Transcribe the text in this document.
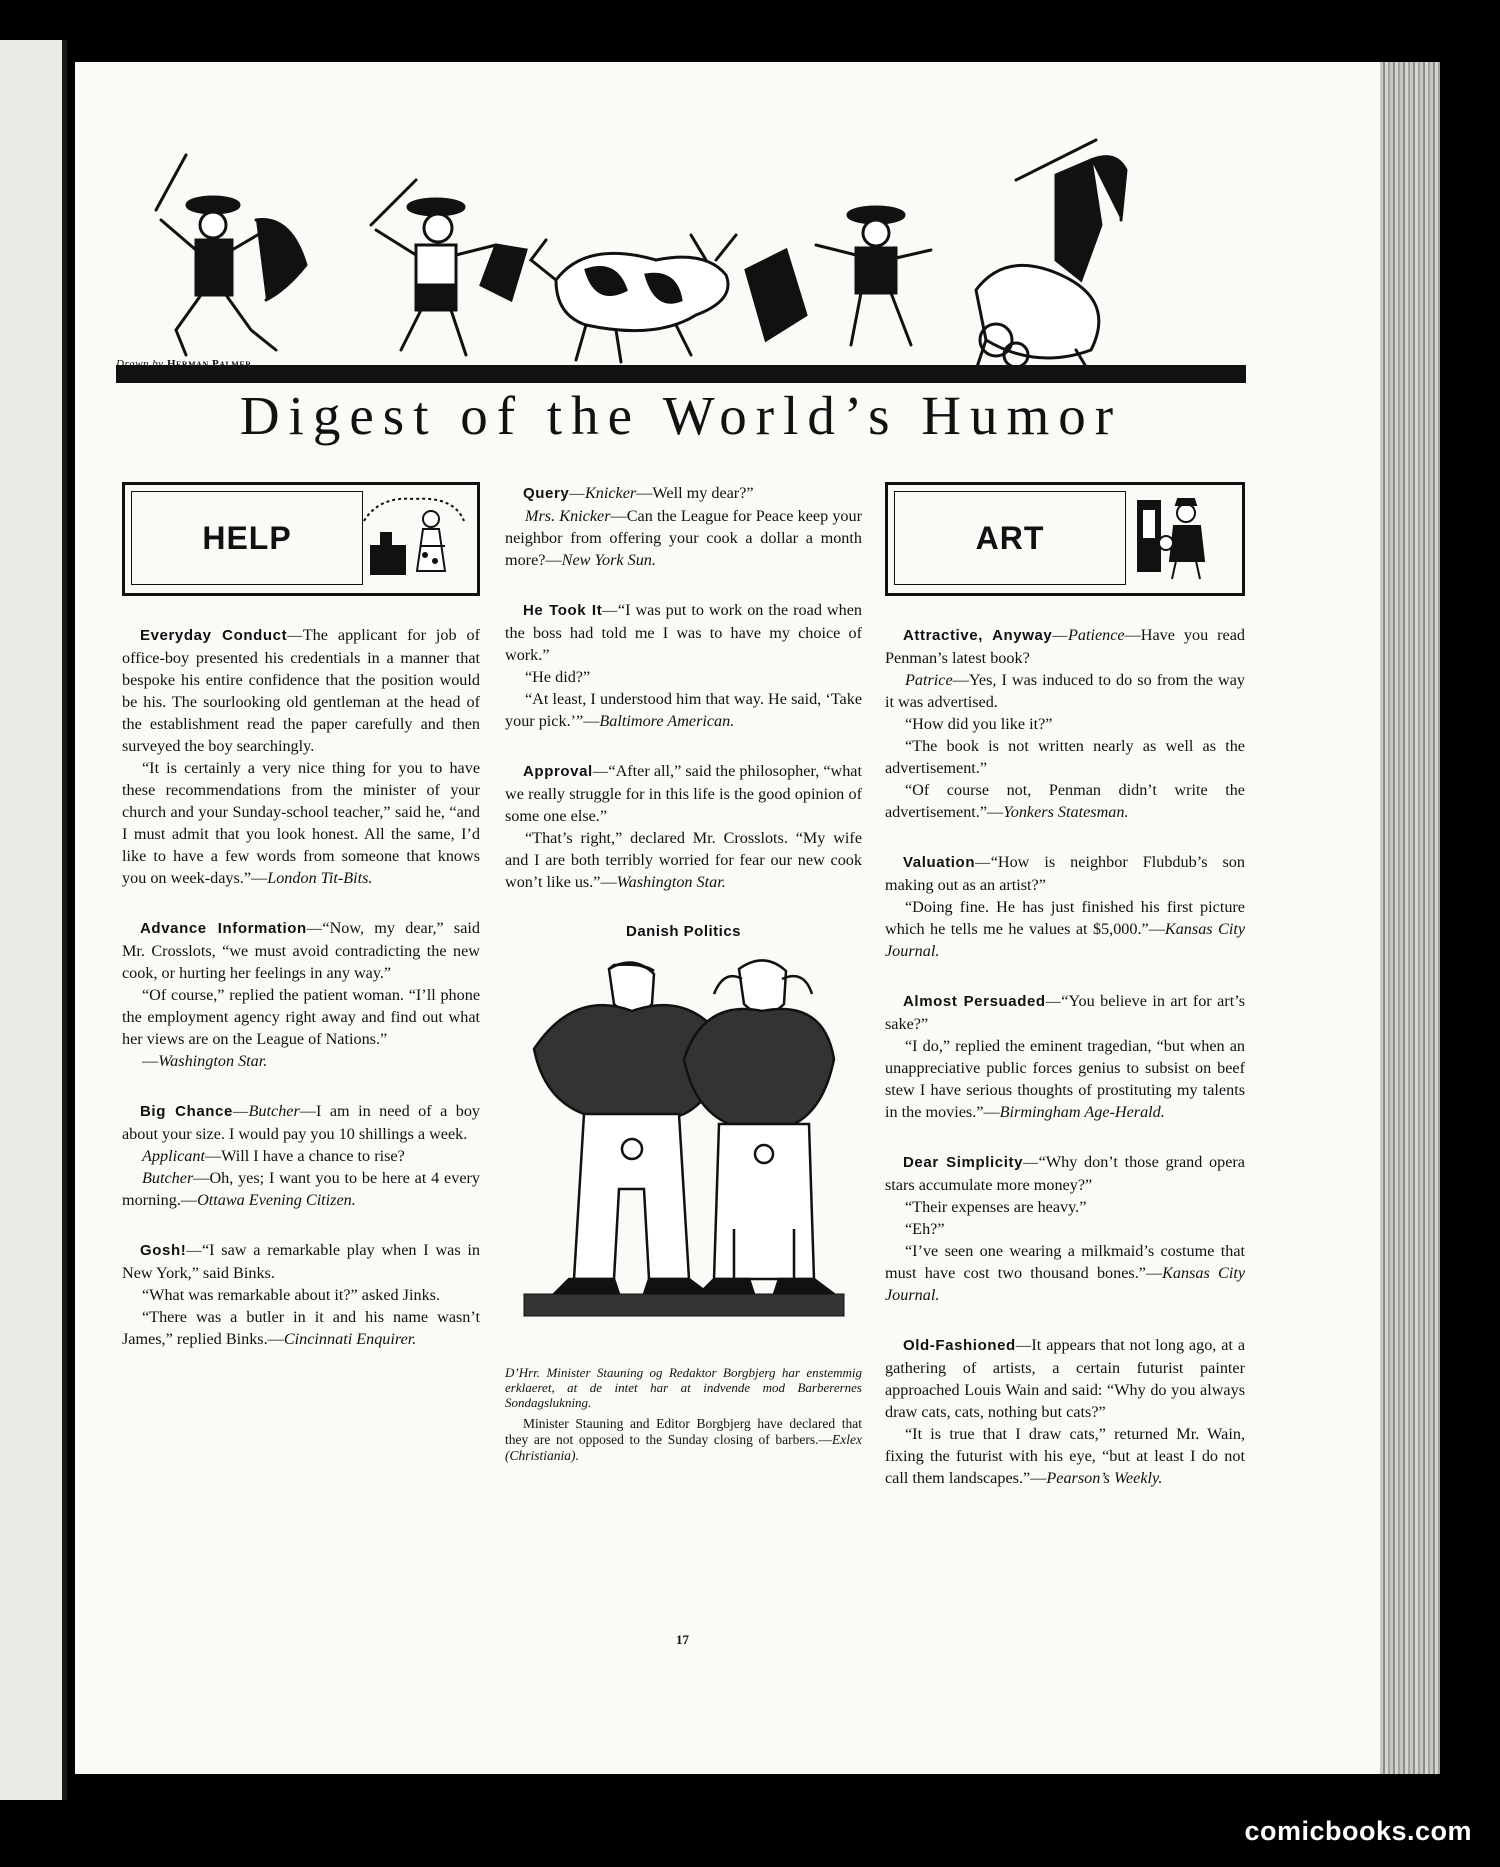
Drawn by Herman Palmer
Digest of the World’s Humor
HELP

Everyday Conduct — The applicant for job of office-boy presented his credentials in a manner that bespoke his entire confidence that the position would be his. The sourlooking old gentleman at the head of the establishment read the paper carefully and then surveyed the boy searchingly.

“It is certainly a very nice thing for you to have these recommendations from the minister of your church and your Sunday-school teacher,” said he, “and I must admit that you look honest. All the same, I’d like to have a few words from someone that knows you on week-days.” — London Tit-Bits.

Advance Information — “Now, my dear,” said Mr. Crosslots, “we must avoid contradicting the new cook, or hurting her feelings in any way.”

“Of course,” replied the patient woman. “I’ll phone the employment agency right away and find out what her views are on the League of Nations.”

— Washington Star.

Big Chance — Butcher—I am in need of a boy about your size. I would pay you 10 shillings a week.

Applicant—Will I have a chance to rise?

Butcher—Oh, yes; I want you to be here at 4 every morning. — Ottawa Evening Citizen.

Gosh! — “I saw a remarkable play when I was in New York,” said Binks.

“What was remarkable about it?” asked Jinks.

“There was a butler in it and his name wasn’t James,” replied Binks. — Cincinnati Enquirer.

Query — Knicker—Well my dear?”

Mrs. Knicker—Can the League for Peace keep your neighbor from offering your cook a dollar a month more? — New York Sun.

He Took It — “I was put to work on the road when the boss had told me I was to have my choice of work.”

“He did?”

“At least, I understood him that way. He said, ‘Take your pick.’” — Baltimore American.

Approval — “After all,” said the philosopher, “what we really struggle for in this life is the good opinion of some one else.”

“That’s right,” declared Mr. Crosslots. “My wife and I are both terribly worried for fear our new cook won’t like us.” — Washington Star.

Danish Politics

D’Hrr. Minister Stauning og Redaktor Borgbjerg har enstemmig erklaeret, at de intet har at indvende mod Barberernes Sondagslukning.

Minister Stauning and Editor Borgbjerg have declared that they are not opposed to the Sunday closing of barbers. — Exlex (Christiania).

ART

Attractive, Anyway — Patience—Have you read Penman’s latest book?

Patrice—Yes, I was induced to do so from the way it was advertised.

“How did you like it?”

“The book is not written nearly as well as the advertisement.”

“Of course not, Penman didn’t write the advertisement.” — Yonkers Statesman.

Valuation — “How is neighbor Flubdub’s son making out as an artist?”

“Doing fine. He has just finished his first picture which he tells me he values at $5,000.” — Kansas City Journal.

Almost Persuaded — “You believe in art for art’s sake?”

“I do,” replied the eminent tragedian, “but when an unappreciative public forces genius to subsist on beef stew I have serious thoughts of prostituting my talents in the movies.” — Birmingham Age-Herald.

Dear Simplicity — “Why don’t those grand opera stars accumulate more money?”

“Their expenses are heavy.”

“Eh?”

“I’ve seen one wearing a milkmaid’s costume that must have cost two thousand bones.” — Kansas City Journal.

Old-Fashioned — It appears that not long ago, at a gathering of artists, a certain futurist painter approached Louis Wain and said: “Why do you always draw cats, cats, nothing but cats?”

“It is true that I draw cats,” returned Mr. Wain, fixing the futurist with his eye, “but at least I do not call them landscapes.” — Pearson’s Weekly.

17
comicbooks.com
